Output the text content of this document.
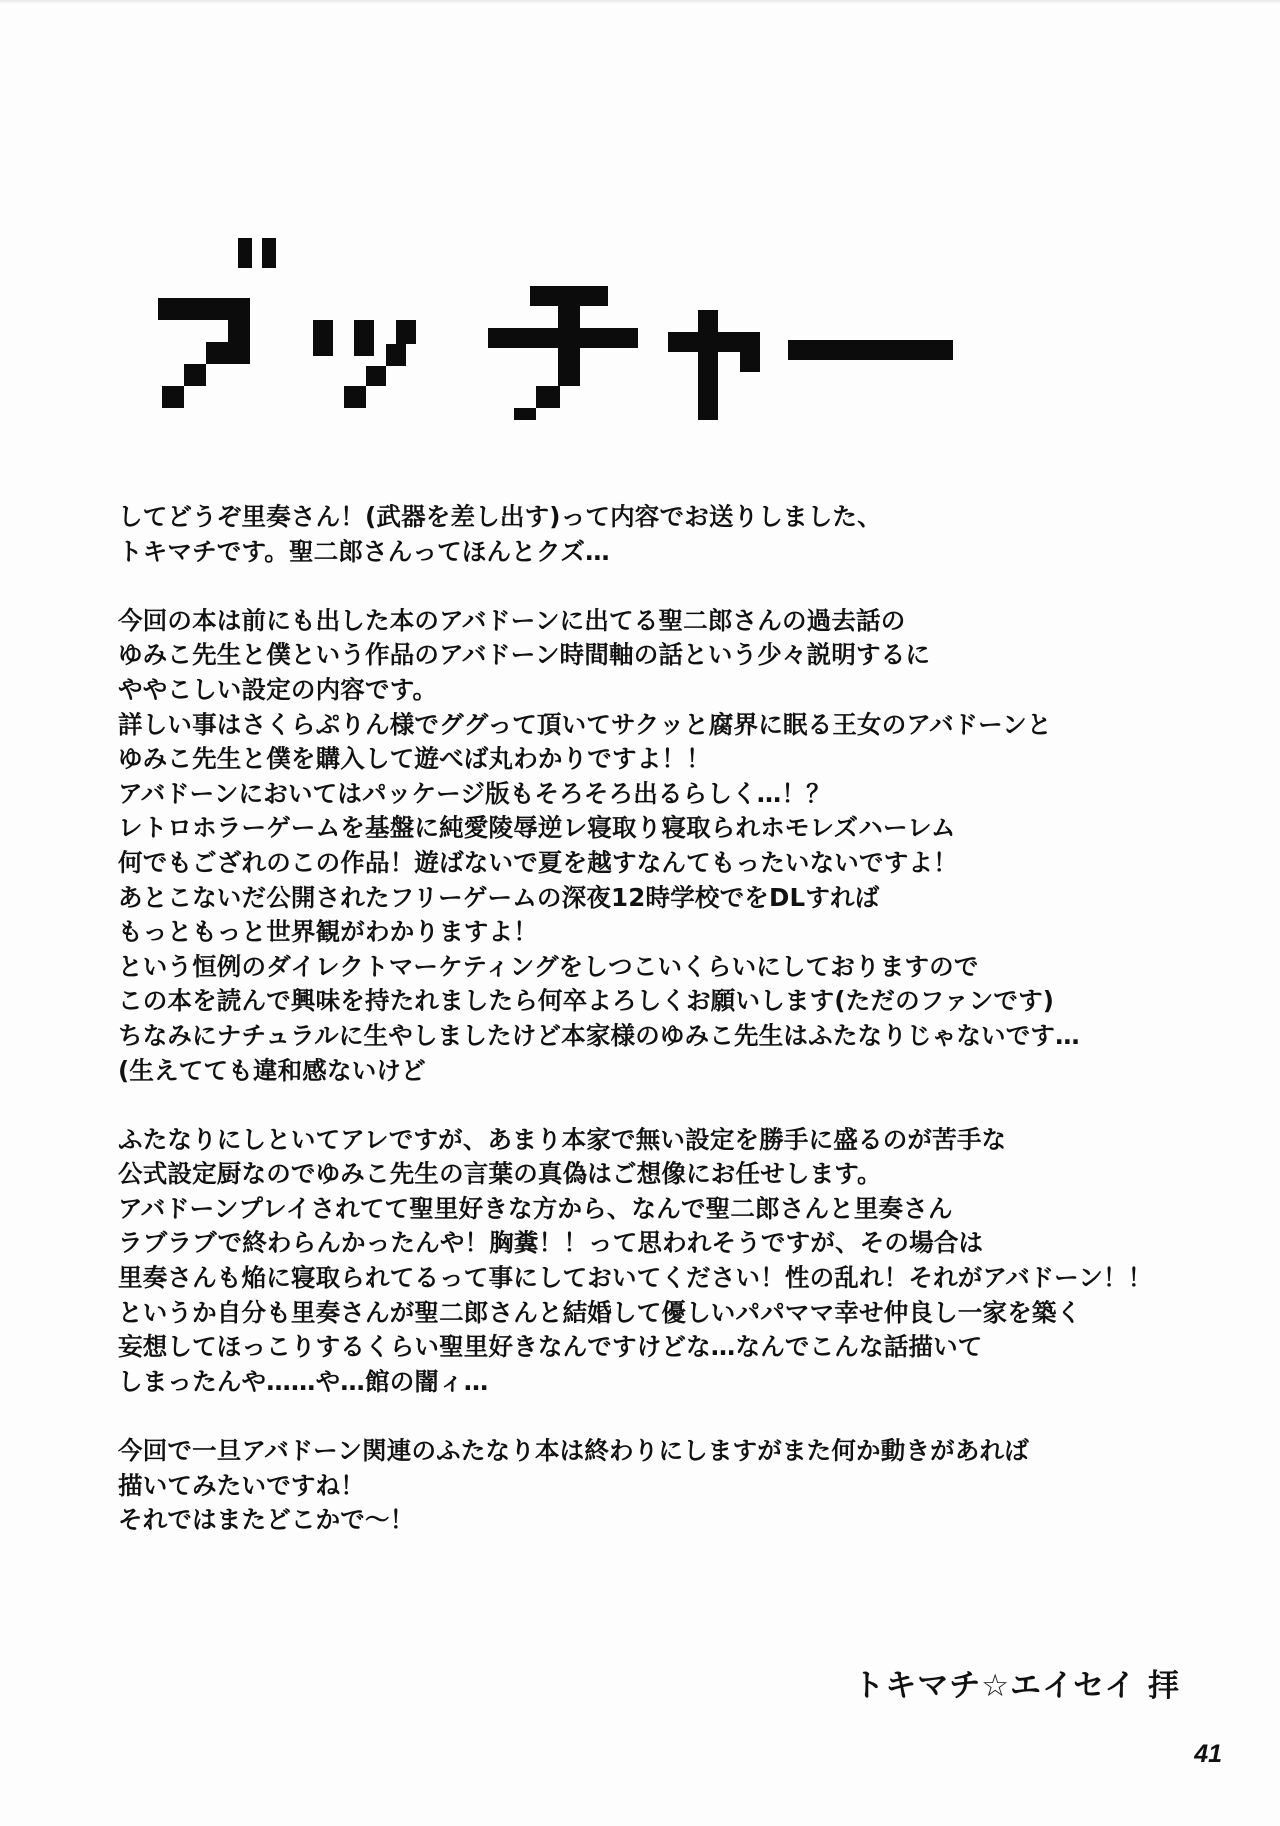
してどうぞ里奏さん！(武器を差し出す)って内容でお送りしました、
トキマチです。聖二郎さんってほんとクズ…
今回の本は前にも出した本のアバドーンに出てる聖二郎さんの過去話の
ゆみこ先生と僕という作品のアバドーン時間軸の話という少々説明するに
ややこしい設定の内容です。
詳しい事はさくらぷりん様でググって頂いてサクッと腐界に眠る王女のアバドーンと
ゆみこ先生と僕を購入して遊べば丸わかりですよ！！
アバドーンにおいてはパッケージ版もそろそろ出るらしく…！？
レトロホラーゲームを基盤に純愛陵辱逆レ寝取り寝取られホモレズハーレム
何でもござれのこの作品！遊ばないで夏を越すなんてもったいないですよ！
あとこないだ公開されたフリーゲームの深夜12時学校でをDLすれば
もっともっと世界観がわかりますよ！
という恒例のダイレクトマーケティングをしつこいくらいにしておりますので
この本を読んで興味を持たれましたら何卒よろしくお願いします(ただのファンです)
ちなみにナチュラルに生やしましたけど本家様のゆみこ先生はふたなりじゃないです…
(生えてても違和感ないけど
ふたなりにしといてアレですが、あまり本家で無い設定を勝手に盛るのが苦手な
公式設定厨なのでゆみこ先生の言葉の真偽はご想像にお任せします。
アバドーンプレイされてて聖里好きな方から、なんで聖二郎さんと里奏さん
ラブラブで終わらんかったんや！胸糞！！って思われそうですが、その場合は
里奏さんも焔に寝取られてるって事にしておいてください！性の乱れ！それがアバドーン！！
というか自分も里奏さんが聖二郎さんと結婚して優しいパパママ幸せ仲良し一家を築く
妄想してほっこりするくらい聖里好きなんですけどな…なんでこんな話描いて
しまったんや……や…館の闇ィ…
今回で一旦アバドーン関連のふたなり本は終わりにしますがまた何か動きがあれば
描いてみたいですね！
それではまたどこかで～！
トキマチ☆エイセイ 拝
41
